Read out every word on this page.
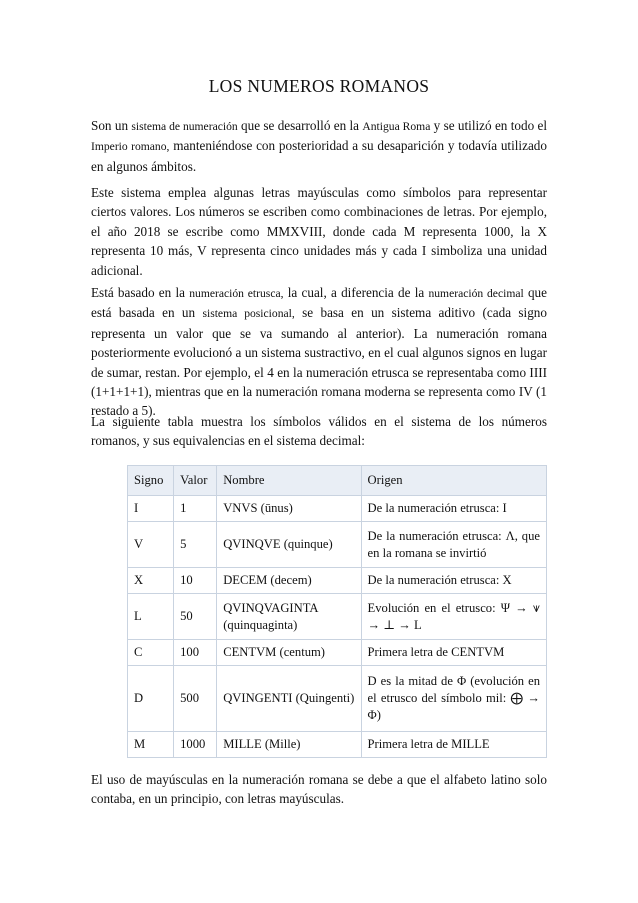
LOS NUMEROS ROMANOS

Son un sistema de numeración que se desarrolló en la Antigua Roma y se utilizó en todo el Imperio romano, manteniéndose con posterioridad a su desaparición y todavía utilizado en algunos ámbitos.

Este sistema emplea algunas letras mayúsculas como símbolos para representar ciertos valores. Los números se escriben como combinaciones de letras. Por ejemplo, el año 2018 se escribe como MMXVIII, donde cada M representa 1000, la X representa 10 más, V representa cinco unidades más y cada I simboliza una unidad adicional.

Está basado en la numeración etrusca, la cual, a diferencia de la numeración decimal que está basada en un sistema posicional, se basa en un sistema aditivo (cada signo representa un valor que se va sumando al anterior). La numeración romana posteriormente evolucionó a un sistema sustractivo, en el cual algunos signos en lugar de sumar, restan. Por ejemplo, el 4 en la numeración etrusca se representaba como IIII (1+1+1+1), mientras que en la numeración romana moderna se representa como IV (1 restado a 5).

La siguiente tabla muestra los símbolos válidos en el sistema de los números romanos, y sus equivalencias en el sistema decimal:

Signo	Valor	Nombre	Origen
I	1	VNVS (ūnus)	De la numeración etrusca: I
V	5	QVINQVE (quinque)	De la numeración etrusca: Λ, que en la romana se invirtió
X	10	DECEM (decem)	De la numeración etrusca: X
L	50	QVINQVAGINTA (quinquaginta)	Evolución en el etrusco: Ψ → ⩛ → ⊥ → L
C	100	CENTVM (centum)	Primera letra de CENTVM
D	500	QVINGENTI (Quingenti)	D es la mitad de Φ (evolución en el etrusco del símbolo mil: ⨁ → Φ)
M	1000	MILLE (Mille)	Primera letra de MILLE

El uso de mayúsculas en la numeración romana se debe a que el alfabeto latino solo contaba, en un principio, con letras mayúsculas.
